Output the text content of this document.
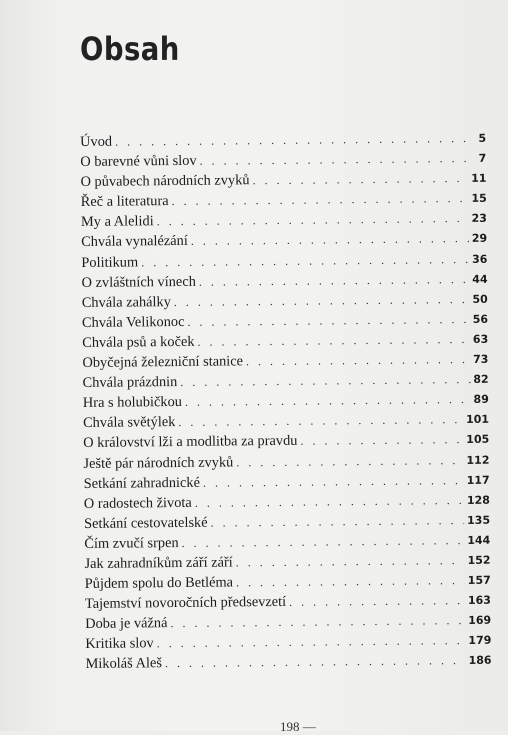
Obsah
Úvod . . .	5
O barevné vůni slov . . .	7
O půvabech národních zvyků . . .	11
Řeč a literatura . . .	15
My a Alelidi . . .	23
Chvála vynalézání . . .	29
Politikum . . .	36
O zvláštních vínech . . .	44
Chvála zahálky . . .	50
Chvála Velikonoc . . .	56
Chvála psů a koček . . .	63
Obyčejná železniční stanice . . .	73
Chvála prázdnin . . .	82
Hra s holubičkou . . .	89
Chvála světýlek . . .	101
O království lži a modlitba za pravdu . . .	105
Ještě pár národních zvyků . . .	112
Setkání zahradnické . . .	117
O radostech života . . .	128
Setkání cestovatelské . . .	135
Čím zvučí srpen . . .	144
Jak zahradníkům září září . . .	152
Půjdem spolu do Betléma . . .	157
Tajemství novoročních předsevzetí . . .	163
Doba je vážná . . .	169
Kritika slov . . .	179
Mikoláš Aleš . . .	186
198 —
